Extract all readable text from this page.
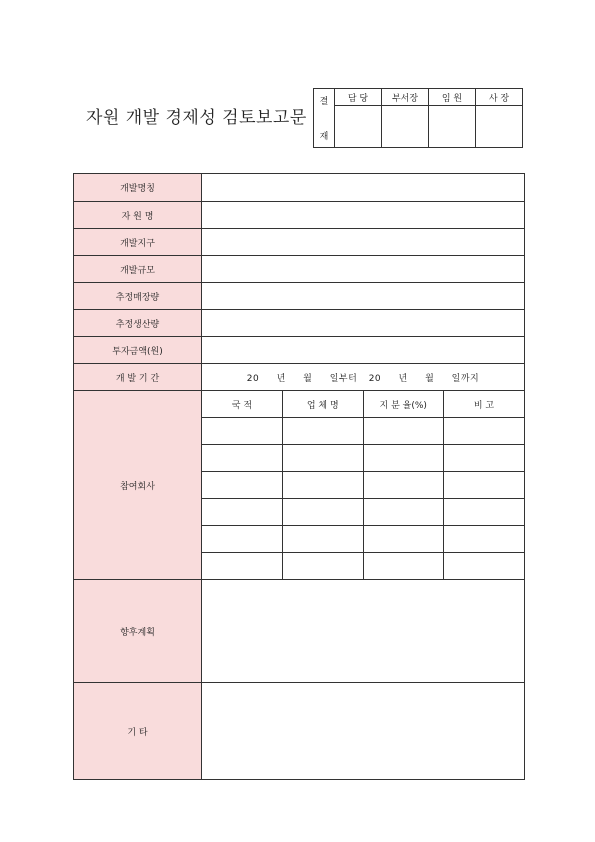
자원 개발 경제성 검토보고문
결
재	담 당	부서장	임 원	사 장

개발명칭	
자 원 명	
개발지구	
개발규모	
추정매장량	
추정생산량	
투자금액(원)	
개 발 기 간	20 년 월 일부터 20 년 월 일까지
참여회사	
국 적	업 체 명	지 분 율(%)	비 고

향후계획	
기 타	
